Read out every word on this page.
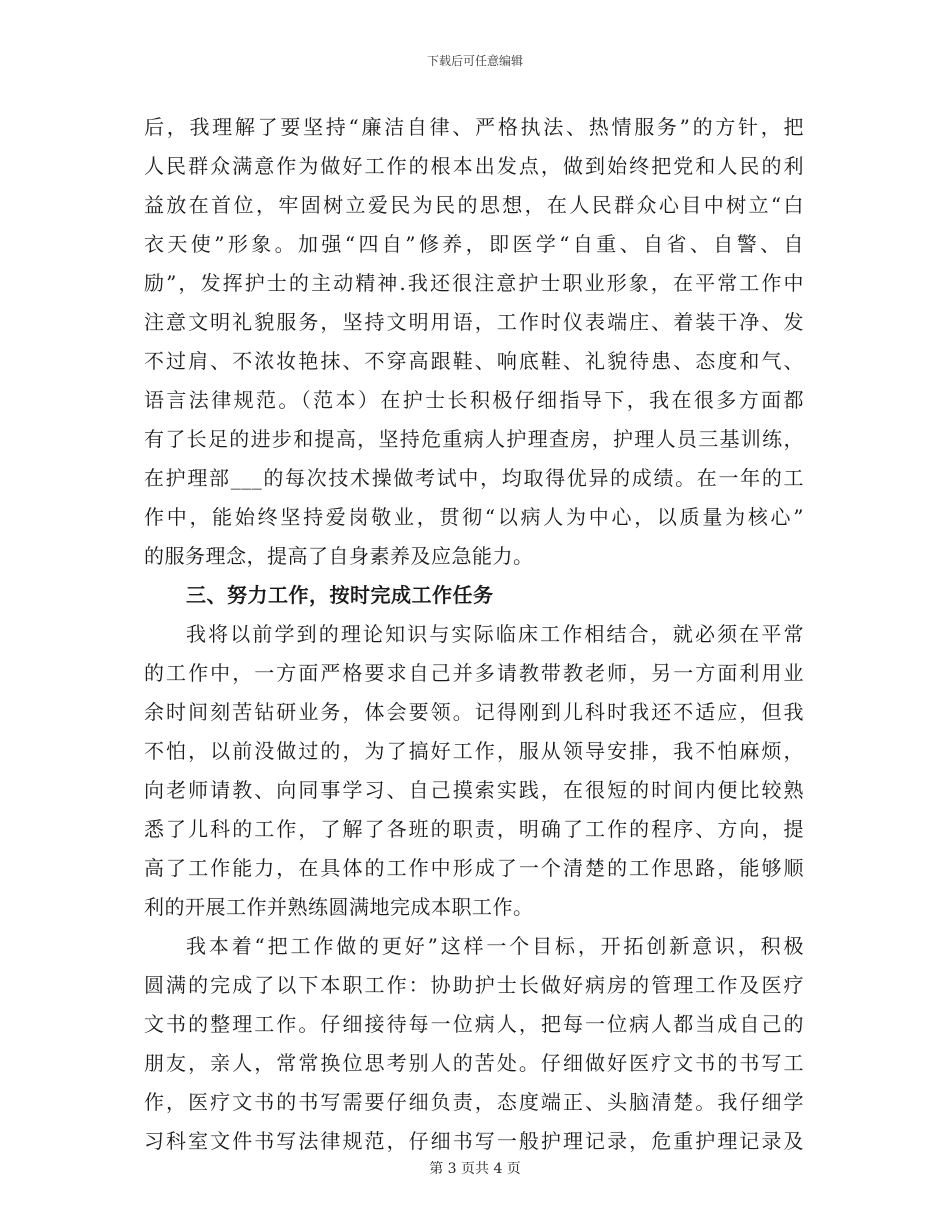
下载后可任意编辑
后，我理解了要坚持“廉洁自律、严格执法、热情服务”的方针，把
人民群众满意作为做好工作的根本出发点，做到始终把党和人民的利
益放在首位，牢固树立爱民为民的思想，在人民群众心目中树立“白
衣天使”形象。加强“四自”修养，即医学“自重、自省、自警、自
励”，发挥护士的主动精神.我还很注意护士职业形象，在平常工作中
注意文明礼貌服务，坚持文明用语，工作时仪表端庄、着装干净、发
不过肩、不浓妆艳抹、不穿高跟鞋、响底鞋、礼貌待患、态度和气、
语言法律规范。（范本）在护士长积极仔细指导下，我在很多方面都
有了长足的进步和提高，坚持危重病人护理查房，护理人员三基训练，
在护理部___的每次技术操做考试中，均取得优异的成绩。在一年的工
作中，能始终坚持爱岗敬业，贯彻“以病人为中心，以质量为核心”
的服务理念，提高了自身素养及应急能力。
三、努力工作，按时完成工作任务
我将以前学到的理论知识与实际临床工作相结合，就必须在平常
的工作中，一方面严格要求自己并多请教带教老师，另一方面利用业
余时间刻苦钻研业务，体会要领。记得刚到儿科时我还不适应，但我
不怕，以前没做过的，为了搞好工作，服从领导安排，我不怕麻烦，
向老师请教、向同事学习、自己摸索实践，在很短的时间内便比较熟
悉了儿科的工作，了解了各班的职责，明确了工作的程序、方向，提
高了工作能力，在具体的工作中形成了一个清楚的工作思路，能够顺
利的开展工作并熟练圆满地完成本职工作。
我本着“把工作做的更好”这样一个目标，开拓创新意识，积极
圆满的完成了以下本职工作：协助护士长做好病房的管理工作及医疗
文书的整理工作。仔细接待每一位病人，把每一位病人都当成自己的
朋友，亲人，常常换位思考别人的苦处。仔细做好医疗文书的书写工
作，医疗文书的书写需要仔细负责，态度端正、头脑清楚。我仔细学
习科室文件书写法律规范，仔细书写一般护理记录，危重护理记录及
第 3 页共 4 页
